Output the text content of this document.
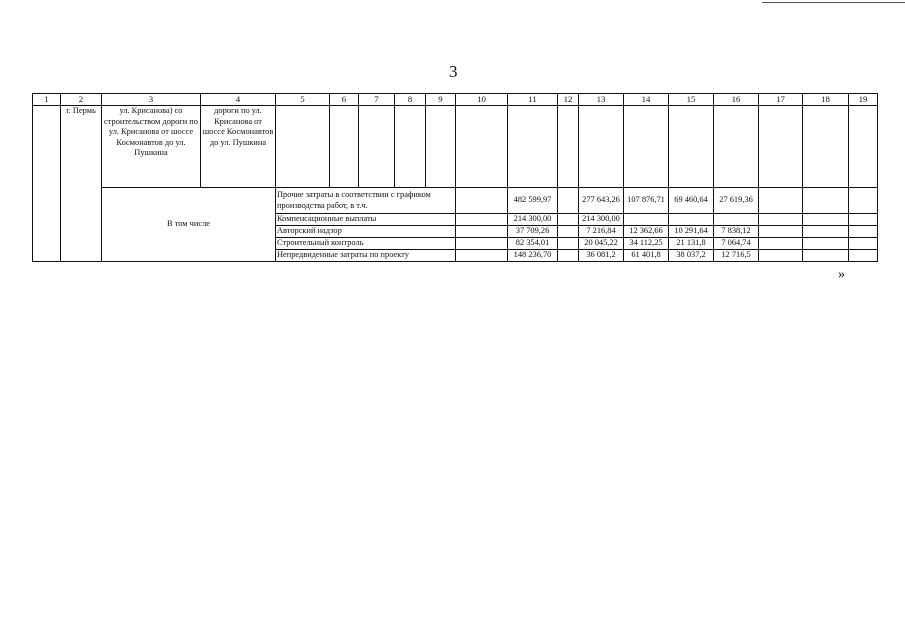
3
1	2	3	4	5	6	7	8	9	10	11	12	13	14	15	16	17	18	19
	г. Пермь	ул. Крисанова) со строительством дороги по ул. Крисанова от шоссе Космонавтов до ул. Пушкина	дороги по ул. Крисанова от шоссе Космонавтов до ул. Пушкина															
		В том числе		Прочие затраты в соответствии с графиком производства работ, в т.ч.						482 599,97		277 643,26	107 876,71	69 460,64	27 619,36			
				Компенсационные выплаты						214 300,00		214 300,00						
				Авторский надзор						37 709,26		7 216,84	12 362,66	10 291,64	7 838,12			
				Строительный контроль						82 354,01		20 045,22	34 112,25	21 131,8	7 064,74			
				Непредвиденные затраты по проекту						148 236,70		36 081,2	61 401,8	38 037,2	12 716,5			
»
